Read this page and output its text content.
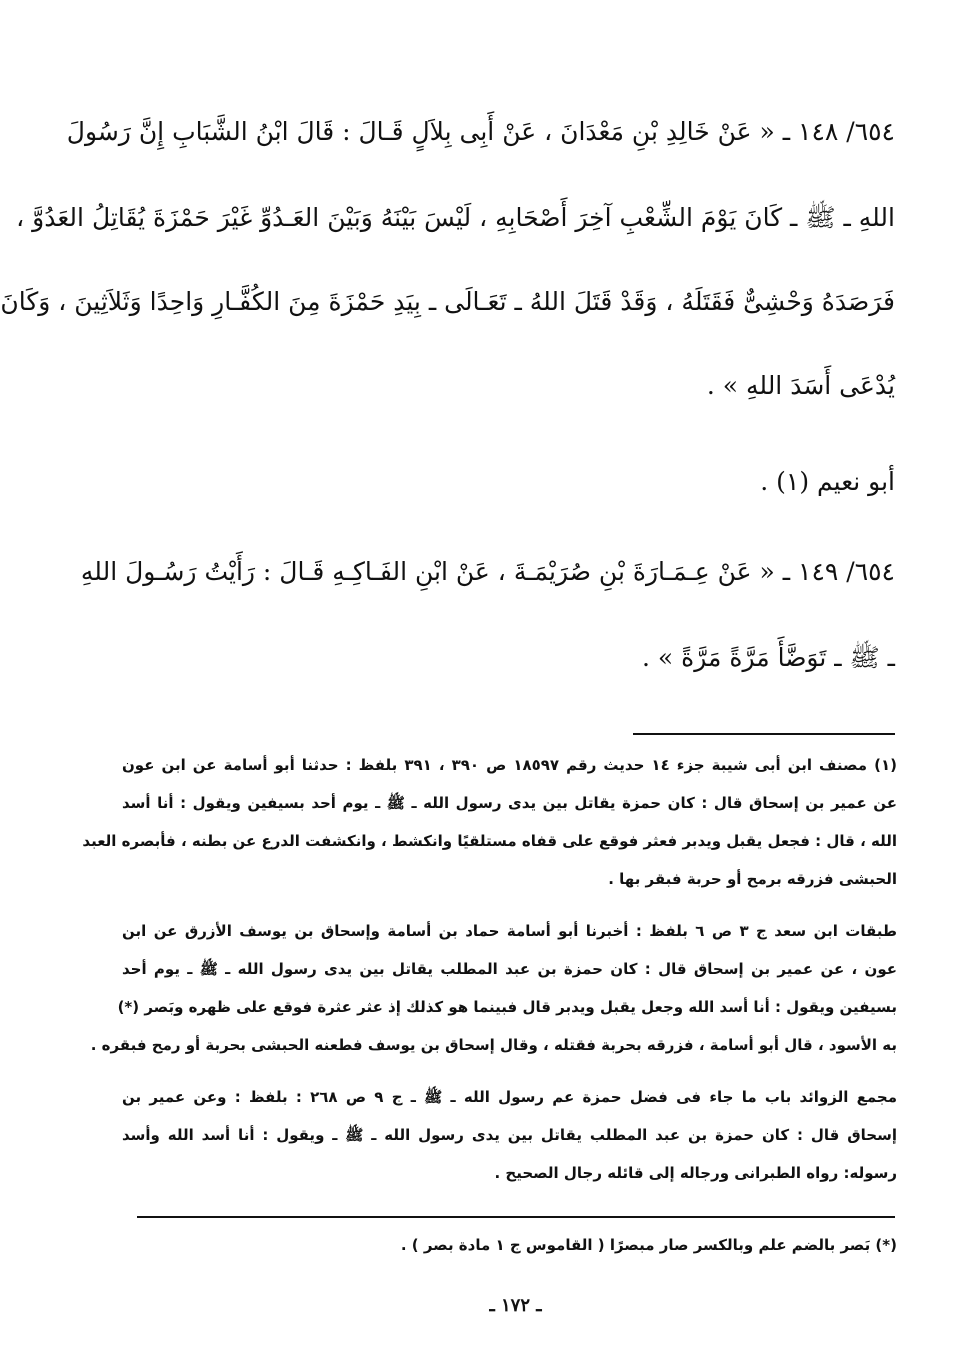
٦٥٤/ ١٤٨ ـ « عَنْ خَالِدِ بْنِ مَعْدَانَ ، عَنْ أَبِى بِلاَلٍ قَـالَ : قَالَ ابْنُ الشَّبَابِ إِنَّ رَسُولَ
اللهِ ـ ﷺ ـ كَانَ يَوْمَ الشِّعْبِ آخِرَ أَصْحَابِهِ ، لَيْسَ بَيْنَهُ وَبَيْنَ العَـدُوِّ غَيْرَ حَمْزَةَ يُقَاتِلُ العَدُوَّ ،
فَرَصَدَهُ وَحْشِىٌّ فَقَتَلَهُ ، وَقَدْ قَتَلَ اللهُ ـ تَعَـالَى ـ بِيَدِ حَمْزَةَ مِنَ الكُفَّـارِ وَاحِدًا وَثَلاَثِينَ ، وَكَانَ
يُدْعَى أَسَدَ اللهِ » .
أبو نعيم (١) .
٦٥٤/ ١٤٩ ـ « عَنْ عِـمَـارَةَ بْنِ صُرَيْمَـةَ ، عَنْ ابْنِ الفَـاكِـهِ قَـالَ : رَأَيْتُ رَسُـولَ اللهِ
ـ ﷺ ـ تَوَضَّأَ مَرَّةً مَرَّةً » .
(١) مصنف ابن أبى شيبة جزء ١٤ حديث رقم ١٨٥٩٧ ص ٣٩٠ ، ٣٩١ بلفظ : حدثنا أبو أسامة عن ابن عون
عن عمير بن إسحاق قال : كان حمزة يقاتل بين يدى رسول الله ـ ﷺ ـ يوم أحد بسيفين ويقول : أنا أسد
الله ، قال : فجعل يقبل ويدبر فعثر فوقع على قفاه مستلقيًا وانكشط ، وانكشفت الدرع عن بطنه ، فأبصره العبد
الحبشى فزرقه برمح أو حربة فبقر بها .
طبقات ابن سعد ج ٣ ص ٦ بلفظ : أخبرنا أبو أسامة حماد بن أسامة وإسحاق بن يوسف الأزرق عن ابن
عون ، عن عمير بن إسحاق قال : كان حمزة بن عبد المطلب يقاتل بين يدى رسول الله ـ ﷺ ـ يوم أحد
بسيفين ويقول : أنا أسد الله وجعل يقبل ويدبر قال فبينما هو كذلك إذ عثر عثرة فوقع على ظهره وبَصر (*)
به الأسود ، قال أبو أسامة ، فزرقه بحربة فقتله ، وقال إسحاق بن يوسف فطعنه الحبشى بحربة أو رمح فبقره .
مجمع الزوائد باب ما جاء فى فضل حمزة عم رسول الله ـ ﷺ ـ ج ٩ ص ٢٦٨ : بلفظ : وعن عمير بن
إسحاق قال : كان حمزة بن عبد المطلب يقاتل بين يدى رسول الله ـ ﷺ ـ ويقول : أنا أسد الله وأسد
رسوله: رواه الطبرانى ورجاله إلى قائله رجال الصحيح .
(*) بَصر بالضم علم وبالكسر صار مبصرًا ( القاموس ج ١ مادة بصر ) .
ـ ١٧٢ ـ
